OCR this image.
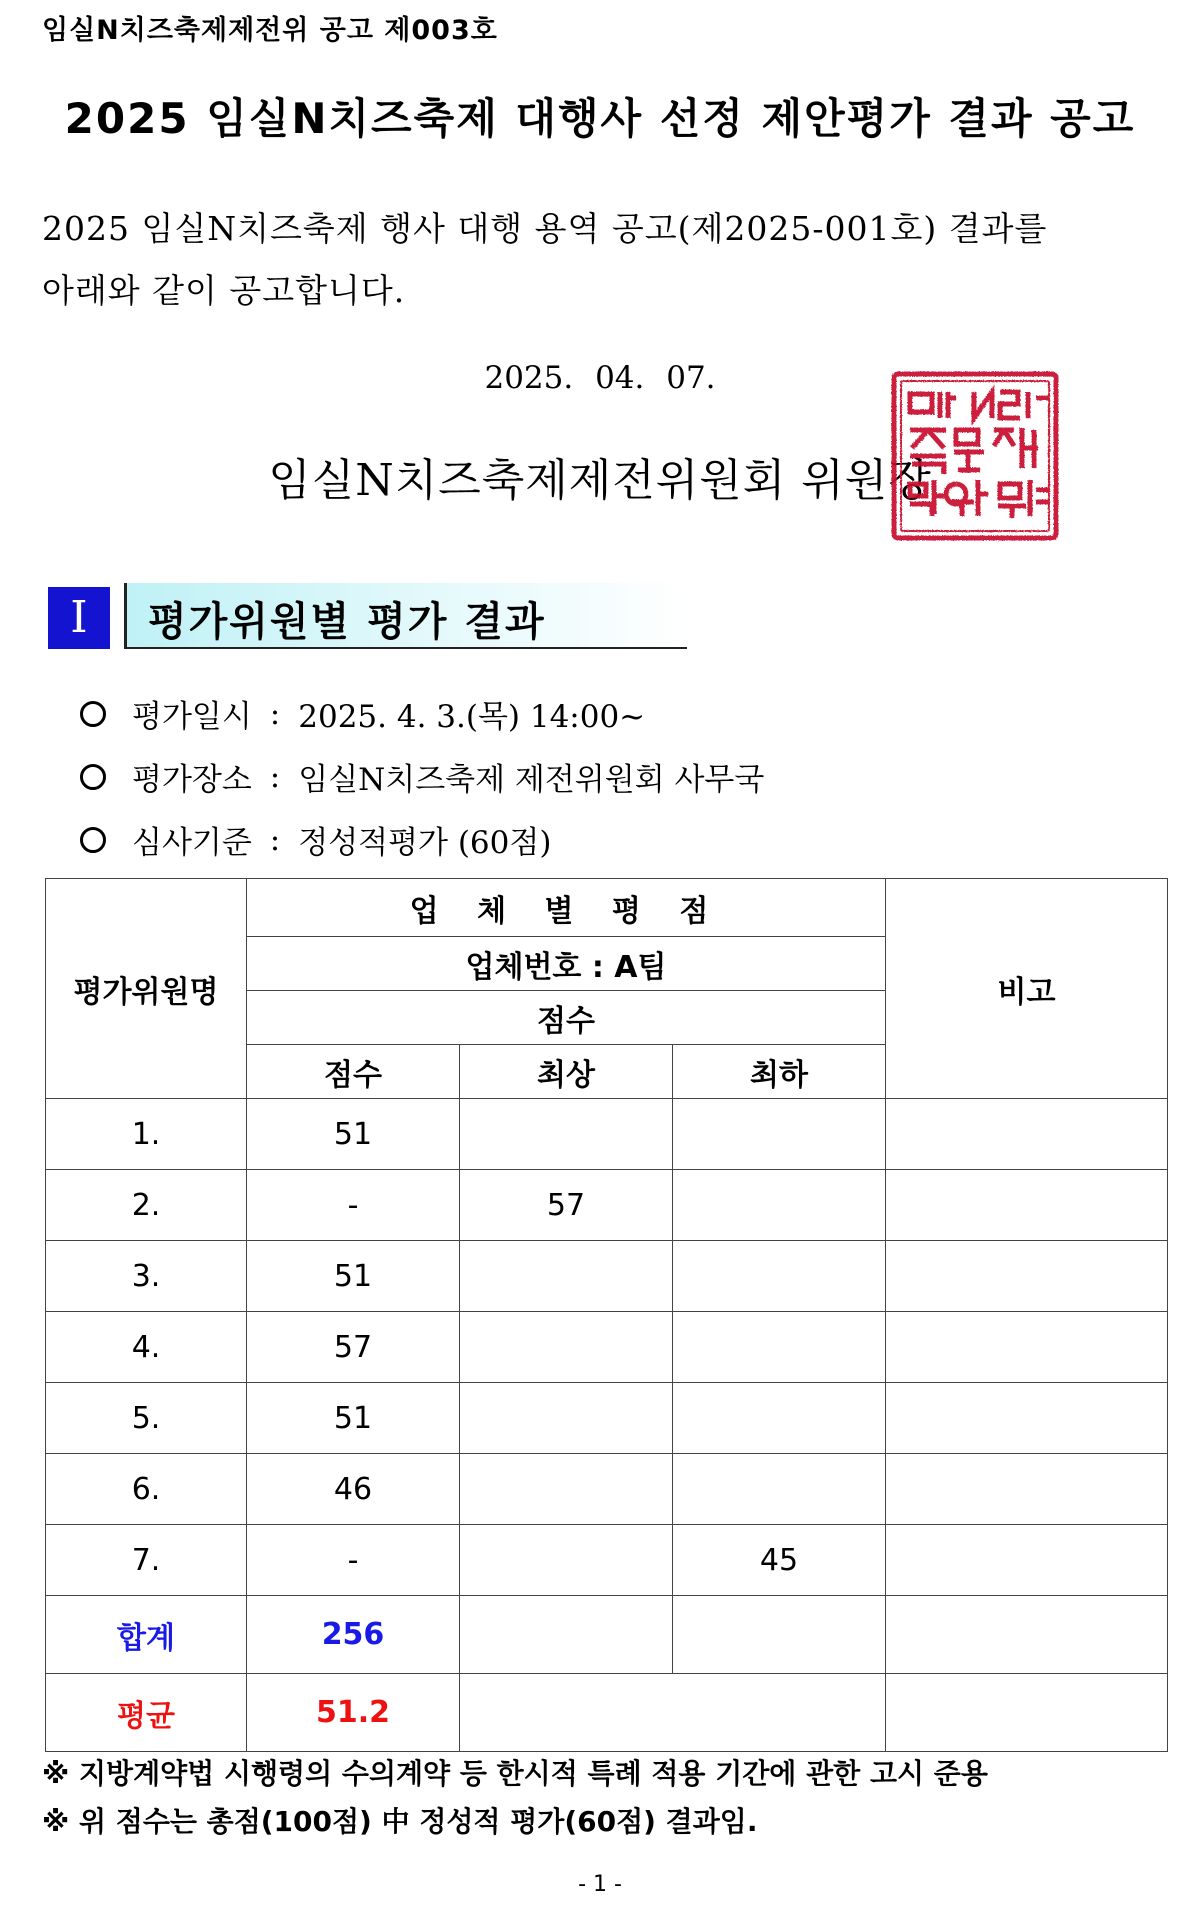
임실N치즈축제제전위 공고 제003호
2025 임실N치즈축제 대행사 선정 제안평가 결과 공고
2025 임실N치즈축제 행사 대행 용역 공고(제2025-001호) 결과를
아래와 같이 공고합니다.
2025. 04. 07.
임실N치즈축제제전위원회 위원장
I	평가위원별 평가 결과
평가일시 : 2025. 4. 3.(목) 14:00~
평가장소 : 임실N치즈축제 제전위원회 사무국
심사기준 : 정성적평가 (60점)
평가위원명	업 체 별 평 점			비고
	업체번호 : A팀			
	점수			
	점수	최상	최하	
1.	51			
2.	-	57		
3.	51			
4.	57			
5.	51			
6.	46			
7.	-		45	
합계	256			
평균	51.2			
※ 지방계약법 시행령의 수의계약 등 한시적 특례 적용 기간에 관한 고시 준용
※ 위 점수는 총점(100점) 中 정성적 평가(60점) 결과임.
- 1 -
